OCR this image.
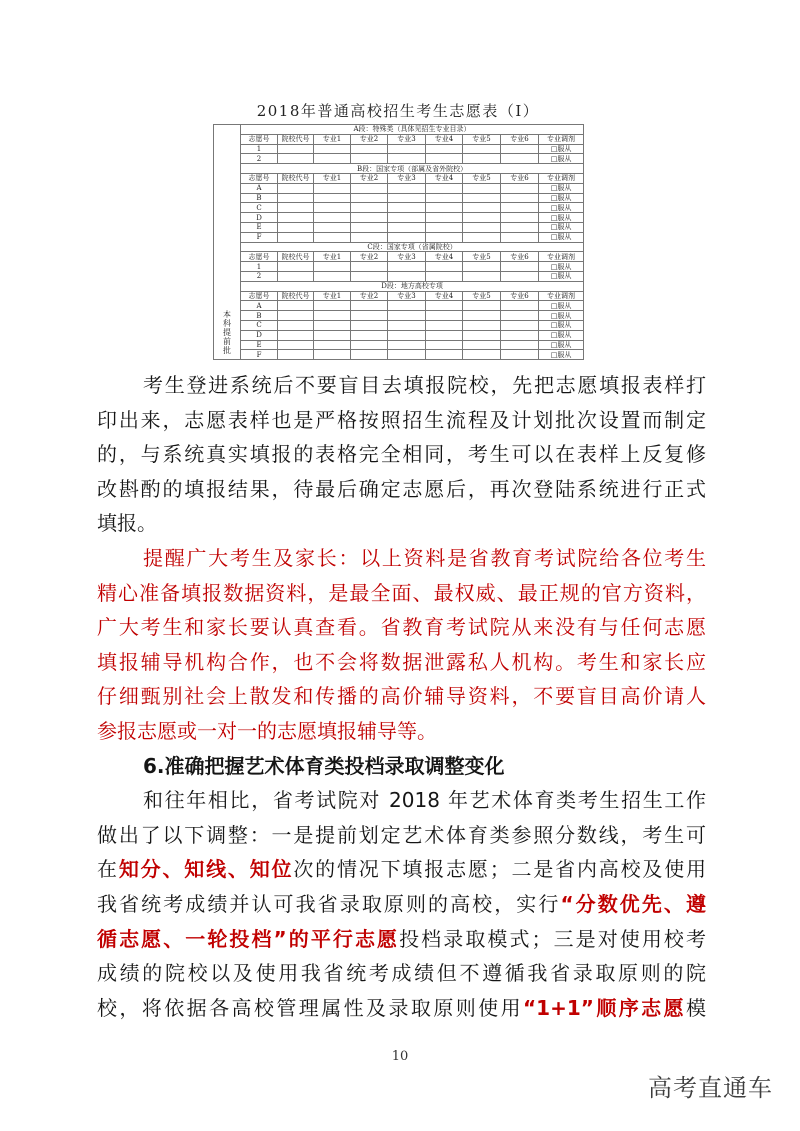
2018年普通高校招生考生志愿表（Ⅰ）
本科提前批	A段：特殊类（具体见招生专业目录）								
	志愿号	院校代号	专业1	专业2	专业3	专业4	专业5	专业6	专业调剂
	1								□服从
	2								□服从
	B段：国家专项（部属及省外院校）								
	志愿号	院校代号	专业1	专业2	专业3	专业4	专业5	专业6	专业调剂
	A								□服从
	B								□服从
	C								□服从
	D								□服从
	E								□服从
	F								□服从
	C段：国家专项（省属院校）								
	志愿号	院校代号	专业1	专业2	专业3	专业4	专业5	专业6	专业调剂
	1								□服从
	2								□服从
	D段：地方高校专项								
	志愿号	院校代号	专业1	专业2	专业3	专业4	专业5	专业6	专业调剂
	A								□服从
	B								□服从
	C								□服从
	D								□服从
	E								□服从
	F								□服从
考生登进系统后不要盲目去填报院校，先把志愿填报表样打
印出来，志愿表样也是严格按照招生流程及计划批次设置而制定
的，与系统真实填报的表格完全相同，考生可以在表样上反复修
改斟酌的填报结果，待最后确定志愿后，再次登陆系统进行正式
填报。
提醒广大考生及家长：以上资料是省教育考试院给各位考生
精心准备填报数据资料，是最全面、最权威、最正规的官方资料，
广大考生和家长要认真查看。省教育考试院从来没有与任何志愿
填报辅导机构合作，也不会将数据泄露私人机构。考生和家长应
仔细甄别社会上散发和传播的高价辅导资料，不要盲目高价请人
参报志愿或一对一的志愿填报辅导等。
6.准确把握艺术体育类投档录取调整变化
和往年相比，省考试院对 2018 年艺术体育类考生招生工作
做出了以下调整：一是提前划定艺术体育类参照分数线，考生可
在知分、知线、知位次的情况下填报志愿；二是省内高校及使用
我省统考成绩并认可我省录取原则的高校，实行“分数优先、遵
循志愿、一轮投档”的平行志愿投档录取模式；三是对使用校考
成绩的院校以及使用我省统考成绩但不遵循我省录取原则的院
校，将依据各高校管理属性及录取原则使用“1+1”顺序志愿模
10
高考直通车
